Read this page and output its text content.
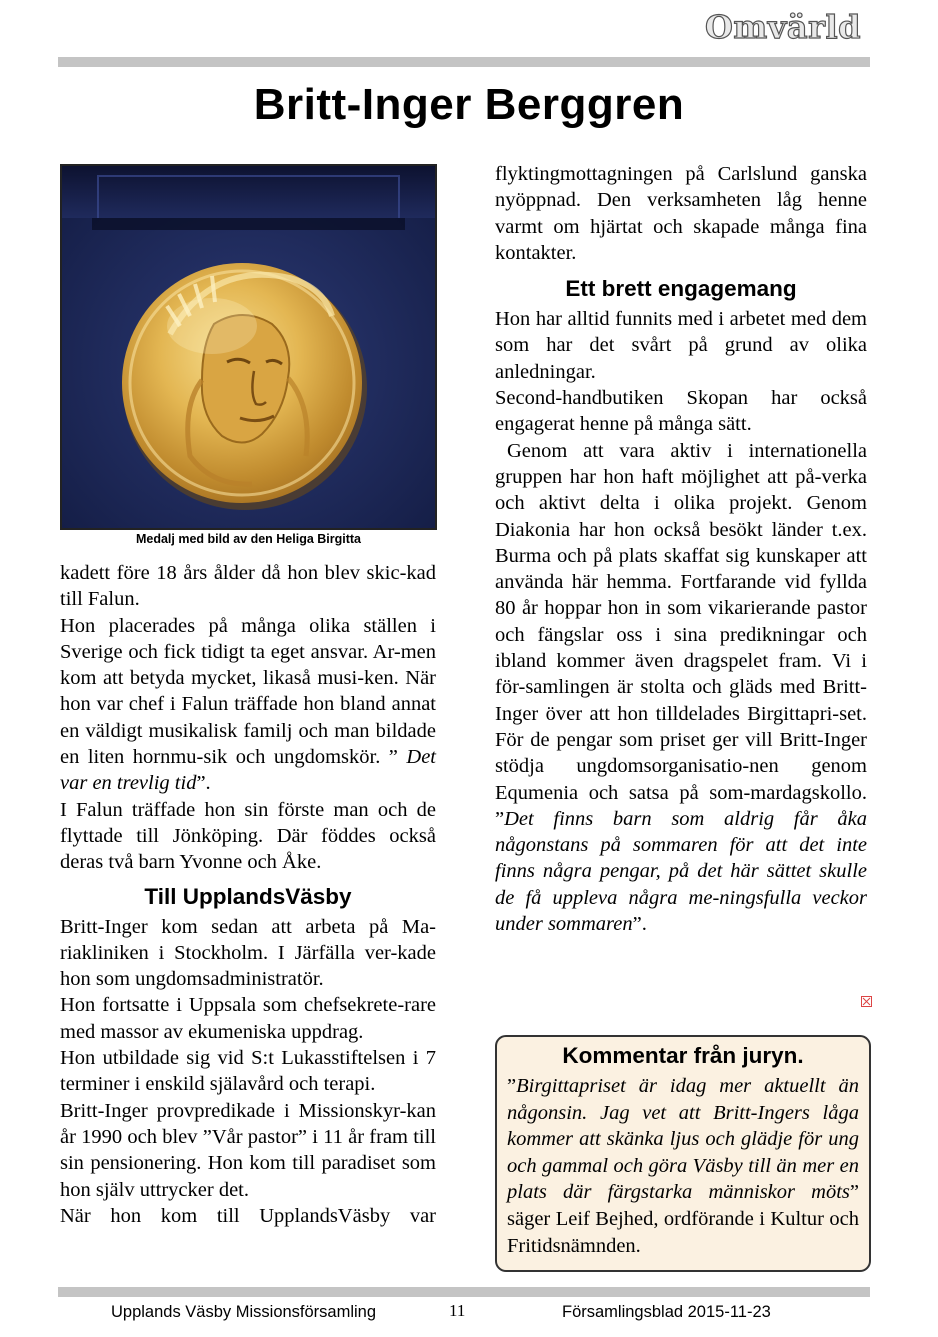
Omvärld
Britt-Inger Berggren
Medalj med bild av den Heliga Birgitta

kadett före 18 års ålder då hon blev skic-kad till Falun.

Hon placerades på många olika ställen i Sverige och fick tidigt ta eget ansvar. Ar-men kom att betyda mycket, likaså musi-ken. När hon var chef i Falun träffade hon bland annat en väldigt musikalisk familj och man bildade en liten hornmu-sik och ungdomskör. ” Det var en trevlig tid”.

I Falun träffade hon sin förste man och de flyttade till Jönköping. Där föddes också deras två barn Yvonne och Åke.

Till UpplandsVäsby

Britt-Inger kom sedan att arbeta på Ma-riakliniken i Stockholm. I Järfälla ver-kade hon som ungdomsadministratör.

Hon fortsatte i Uppsala som chefsekrete-rare med massor av ekumeniska uppdrag.

Hon utbildade sig vid S:t Lukasstiftelsen i 7 terminer i enskild själavård och terapi.

Britt-Inger provpredikade i Missionskyr-kan år 1990 och blev ”Vår pastor” i 11 år fram till sin pensionering. Hon kom till paradiset som hon själv uttrycker det.

När hon kom till UpplandsVäsby var

flyktingmottagningen på Carlslund ganska nyöppnad. Den verksamheten låg henne varmt om hjärtat och skapade många fina kontakter.

Ett brett engagemang

Hon har alltid funnits med i arbetet med dem som har det svårt på grund av olika anledningar.

Second-handbutiken Skopan har också engagerat henne på många sätt.

Genom att vara aktiv i internationella gruppen har hon haft möjlighet att på-verka och aktivt delta i olika projekt. Genom Diakonia har hon också besökt länder t.ex. Burma och på plats skaffat sig kunskaper att använda här hemma. Fortfarande vid fyllda 80 år hoppar hon in som vikarierande pastor och fängslar oss i sina predikningar och ibland kommer även dragspelet fram. Vi i för-samlingen är stolta och gläds med Britt-Inger över att hon tilldelades Birgittapri-set. För de pengar som priset ger vill Britt-Inger stödja ungdomsorganisatio-nen genom Equmenia och satsa på som-mardagskollo. ”Det finns barn som aldrig får åka någonstans på sommaren för att det inte finns några pengar, på det här sättet skulle de få uppleva några me-ningsfulla veckor under sommaren”.

Kommentar från juryn.
”Birgittapriset är idag mer aktuellt än någonsin. Jag vet att Britt-Ingers låga kommer att skänka ljus och glädje för ung och gammal och göra Väsby till än mer en plats där färgstarka människor möts” säger Leif Bejhed, ordförande i Kultur och Fritidsnämnden.
Upplands Väsby Missionsförsamling	11	Församlingsblad 2015-11-23
